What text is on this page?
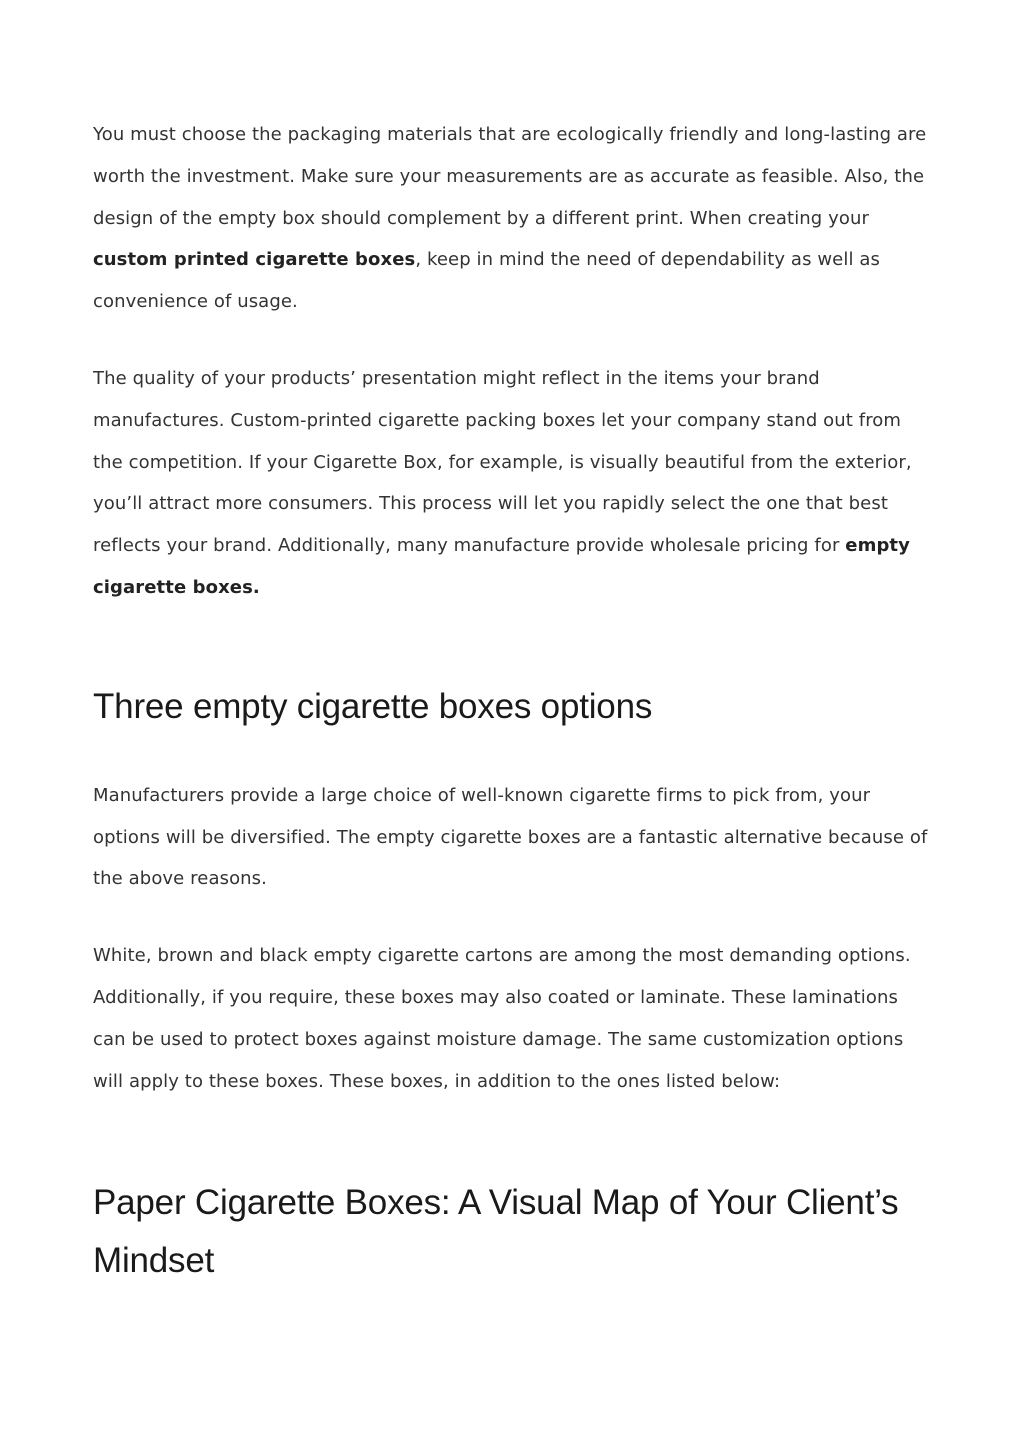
You must choose the packaging materials that are ecologically friendly and long-lasting are worth the investment. Make sure your measurements are as accurate as feasible. Also, the design of the empty box should complement by a different print. When creating your custom printed cigarette boxes, keep in mind the need of dependability as well as convenience of usage.

The quality of your products’ presentation might reflect in the items your brand manufactures. Custom-printed cigarette packing boxes let your company stand out from the competition. If your Cigarette Box, for example, is visually beautiful from the exterior, you’ll attract more consumers. This process will let you rapidly select the one that best reflects your brand. Additionally, many manufacture provide wholesale pricing for empty cigarette boxes.

Three empty cigarette boxes options

Manufacturers provide a large choice of well-known cigarette firms to pick from, your options will be diversified. The empty cigarette boxes are a fantastic alternative because of the above reasons.

White, brown and black empty cigarette cartons are among the most demanding options. Additionally, if you require, these boxes may also coated or laminate. These laminations can be used to protect boxes against moisture damage. The same customization options will apply to these boxes. These boxes, in addition to the ones listed below:

Paper Cigarette Boxes: A Visual Map of Your Client’s Mindset
